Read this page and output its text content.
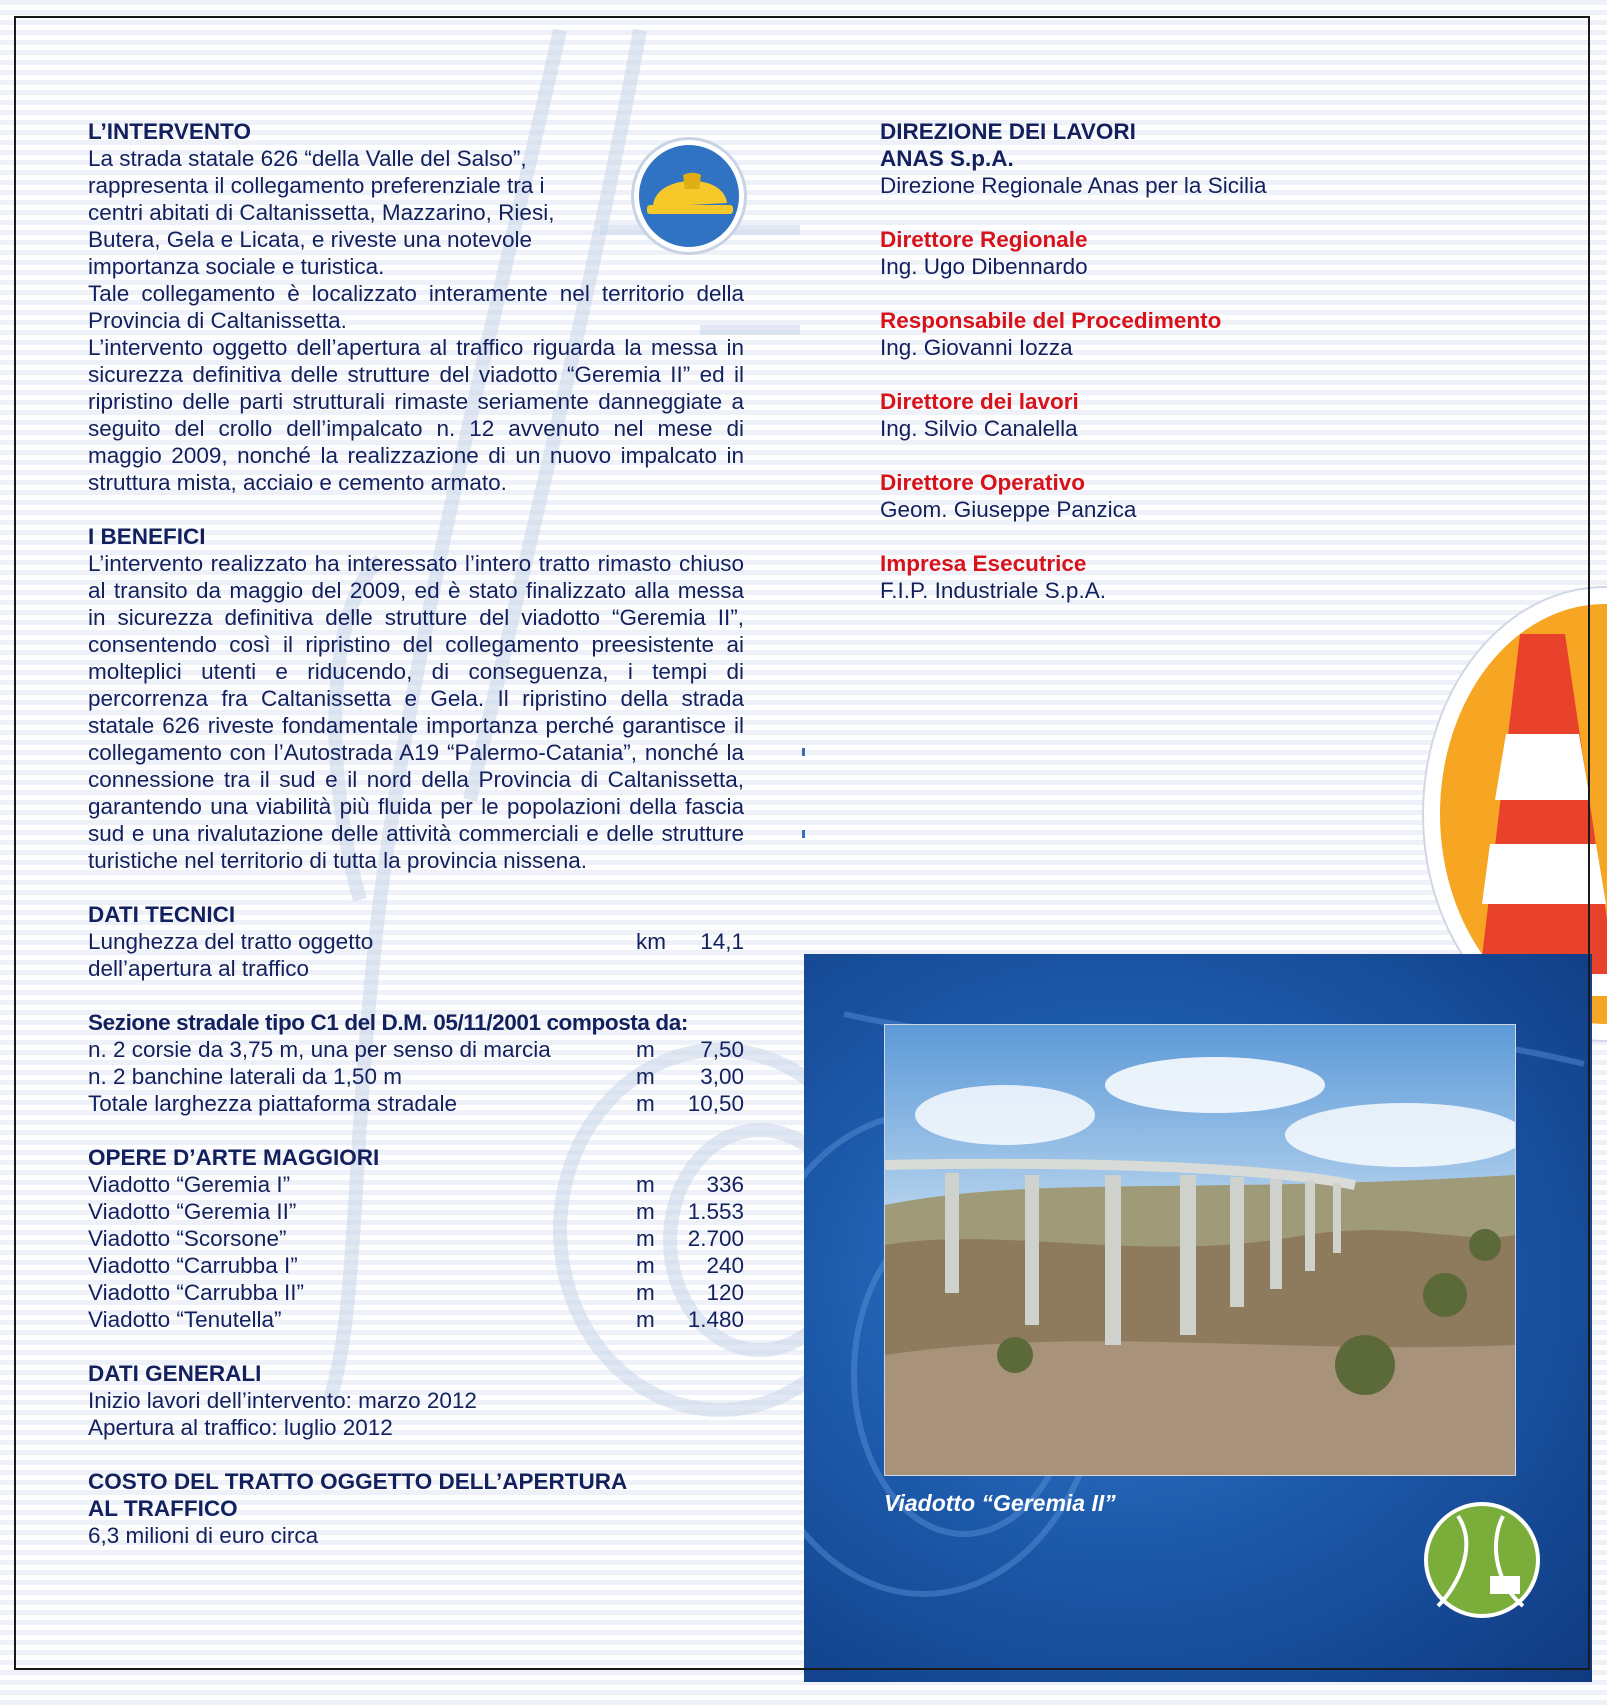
L’INTERVENTO
La strada statale 626 “della Valle del Salso”,
rappresenta il collegamento preferenziale tra i
centri abitati di Caltanissetta, Mazzarino, Riesi,
Butera, Gela e Licata, e riveste una notevole
importanza sociale e turistica.
Tale collegamento è localizzato interamente nel territorio della Provincia di Caltanissetta.
L’intervento oggetto dell’apertura al traffico riguarda la messa in sicurezza definitiva delle strutture del viadotto “Geremia II” ed il ripristino delle parti strutturali rimaste seriamente danneggiate a seguito del crollo dell’impalcato n. 12 avvenuto nel mese di maggio 2009, nonché la realizzazione di un nuovo impalcato in struttura mista, acciaio e cemento armato.
I BENEFICI
L’intervento realizzato ha interessato l’intero tratto rimasto chiuso al transito da maggio del 2009, ed è stato finalizzato alla messa in sicurezza definitiva delle strutture del viadotto “Geremia II”, consentendo così il ripristino del collegamento preesistente ai molteplici utenti e riducendo, di conseguenza, i tempi di percorrenza fra Caltanissetta e Gela. Il ripristino della strada statale 626 riveste fondamentale importanza perché garantisce il collegamento con l’Autostrada A19 “Palermo-Catania”, nonché la connessione tra il sud e il nord della Provincia di Caltanissetta, garantendo una viabilità più fluida per le popolazioni della fascia sud e una rivalutazione delle attività commerciali e delle strutture turistiche nel territorio di tutta la provincia nissena.
DATI TECNICI
Lunghezza del tratto oggetto
dell’apertura al traffico
km	14,1
Sezione stradale tipo C1 del D.M. 05/11/2001 composta da:
n. 2 corsie da 3,75 m, una per senso di marcia	m	7,50
n. 2 banchine laterali da 1,50 m	m	3,00
Totale larghezza piattaforma stradale	m	10,50
OPERE D’ARTE MAGGIORI
Viadotto “Geremia I”	m	336
Viadotto “Geremia II”	m	1.553
Viadotto “Scorsone”	m	2.700
Viadotto “Carrubba I”	m	240
Viadotto “Carrubba II”	m	120
Viadotto “Tenutella”	m	1.480
DATI GENERALI
Inizio lavori dell’intervento: marzo 2012
Apertura al traffico: luglio 2012
COSTO DEL TRATTO OGGETTO DELL’APERTURA
AL TRAFFICO
6,3 milioni di euro circa
Viadotto “Geremia II”
DIREZIONE DEI LAVORI
ANAS S.p.A.
Direzione Regionale Anas per la Sicilia
Direttore Regionale
Ing. Ugo Dibennardo
Responsabile del Procedimento
Ing. Giovanni Iozza
Direttore dei lavori
Ing. Silvio Canalella
Direttore Operativo
Geom. Giuseppe Panzica
Impresa Esecutrice
F.I.P. Industriale S.p.A.
